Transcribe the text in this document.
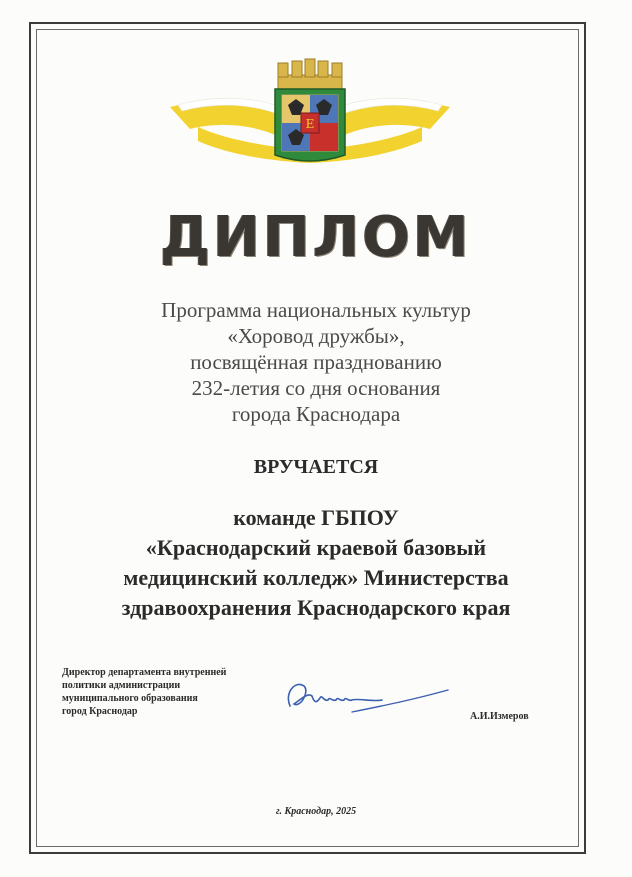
Е
ДИПЛОМ
Программа национальных культур
«Хоровод дружбы»,
посвящённая празднованию
232-летия со дня основания
города Краснодара
ВРУЧАЕТСЯ
команде ГБПОУ
«Краснодарский краевой базовый
медицинский колледж» Министерства
здравоохранения Краснодарского края
Директор департамента внутренней
политики администрации
муниципального образования
город Краснодар	А.И.Измеров
г. Краснодар, 2025
